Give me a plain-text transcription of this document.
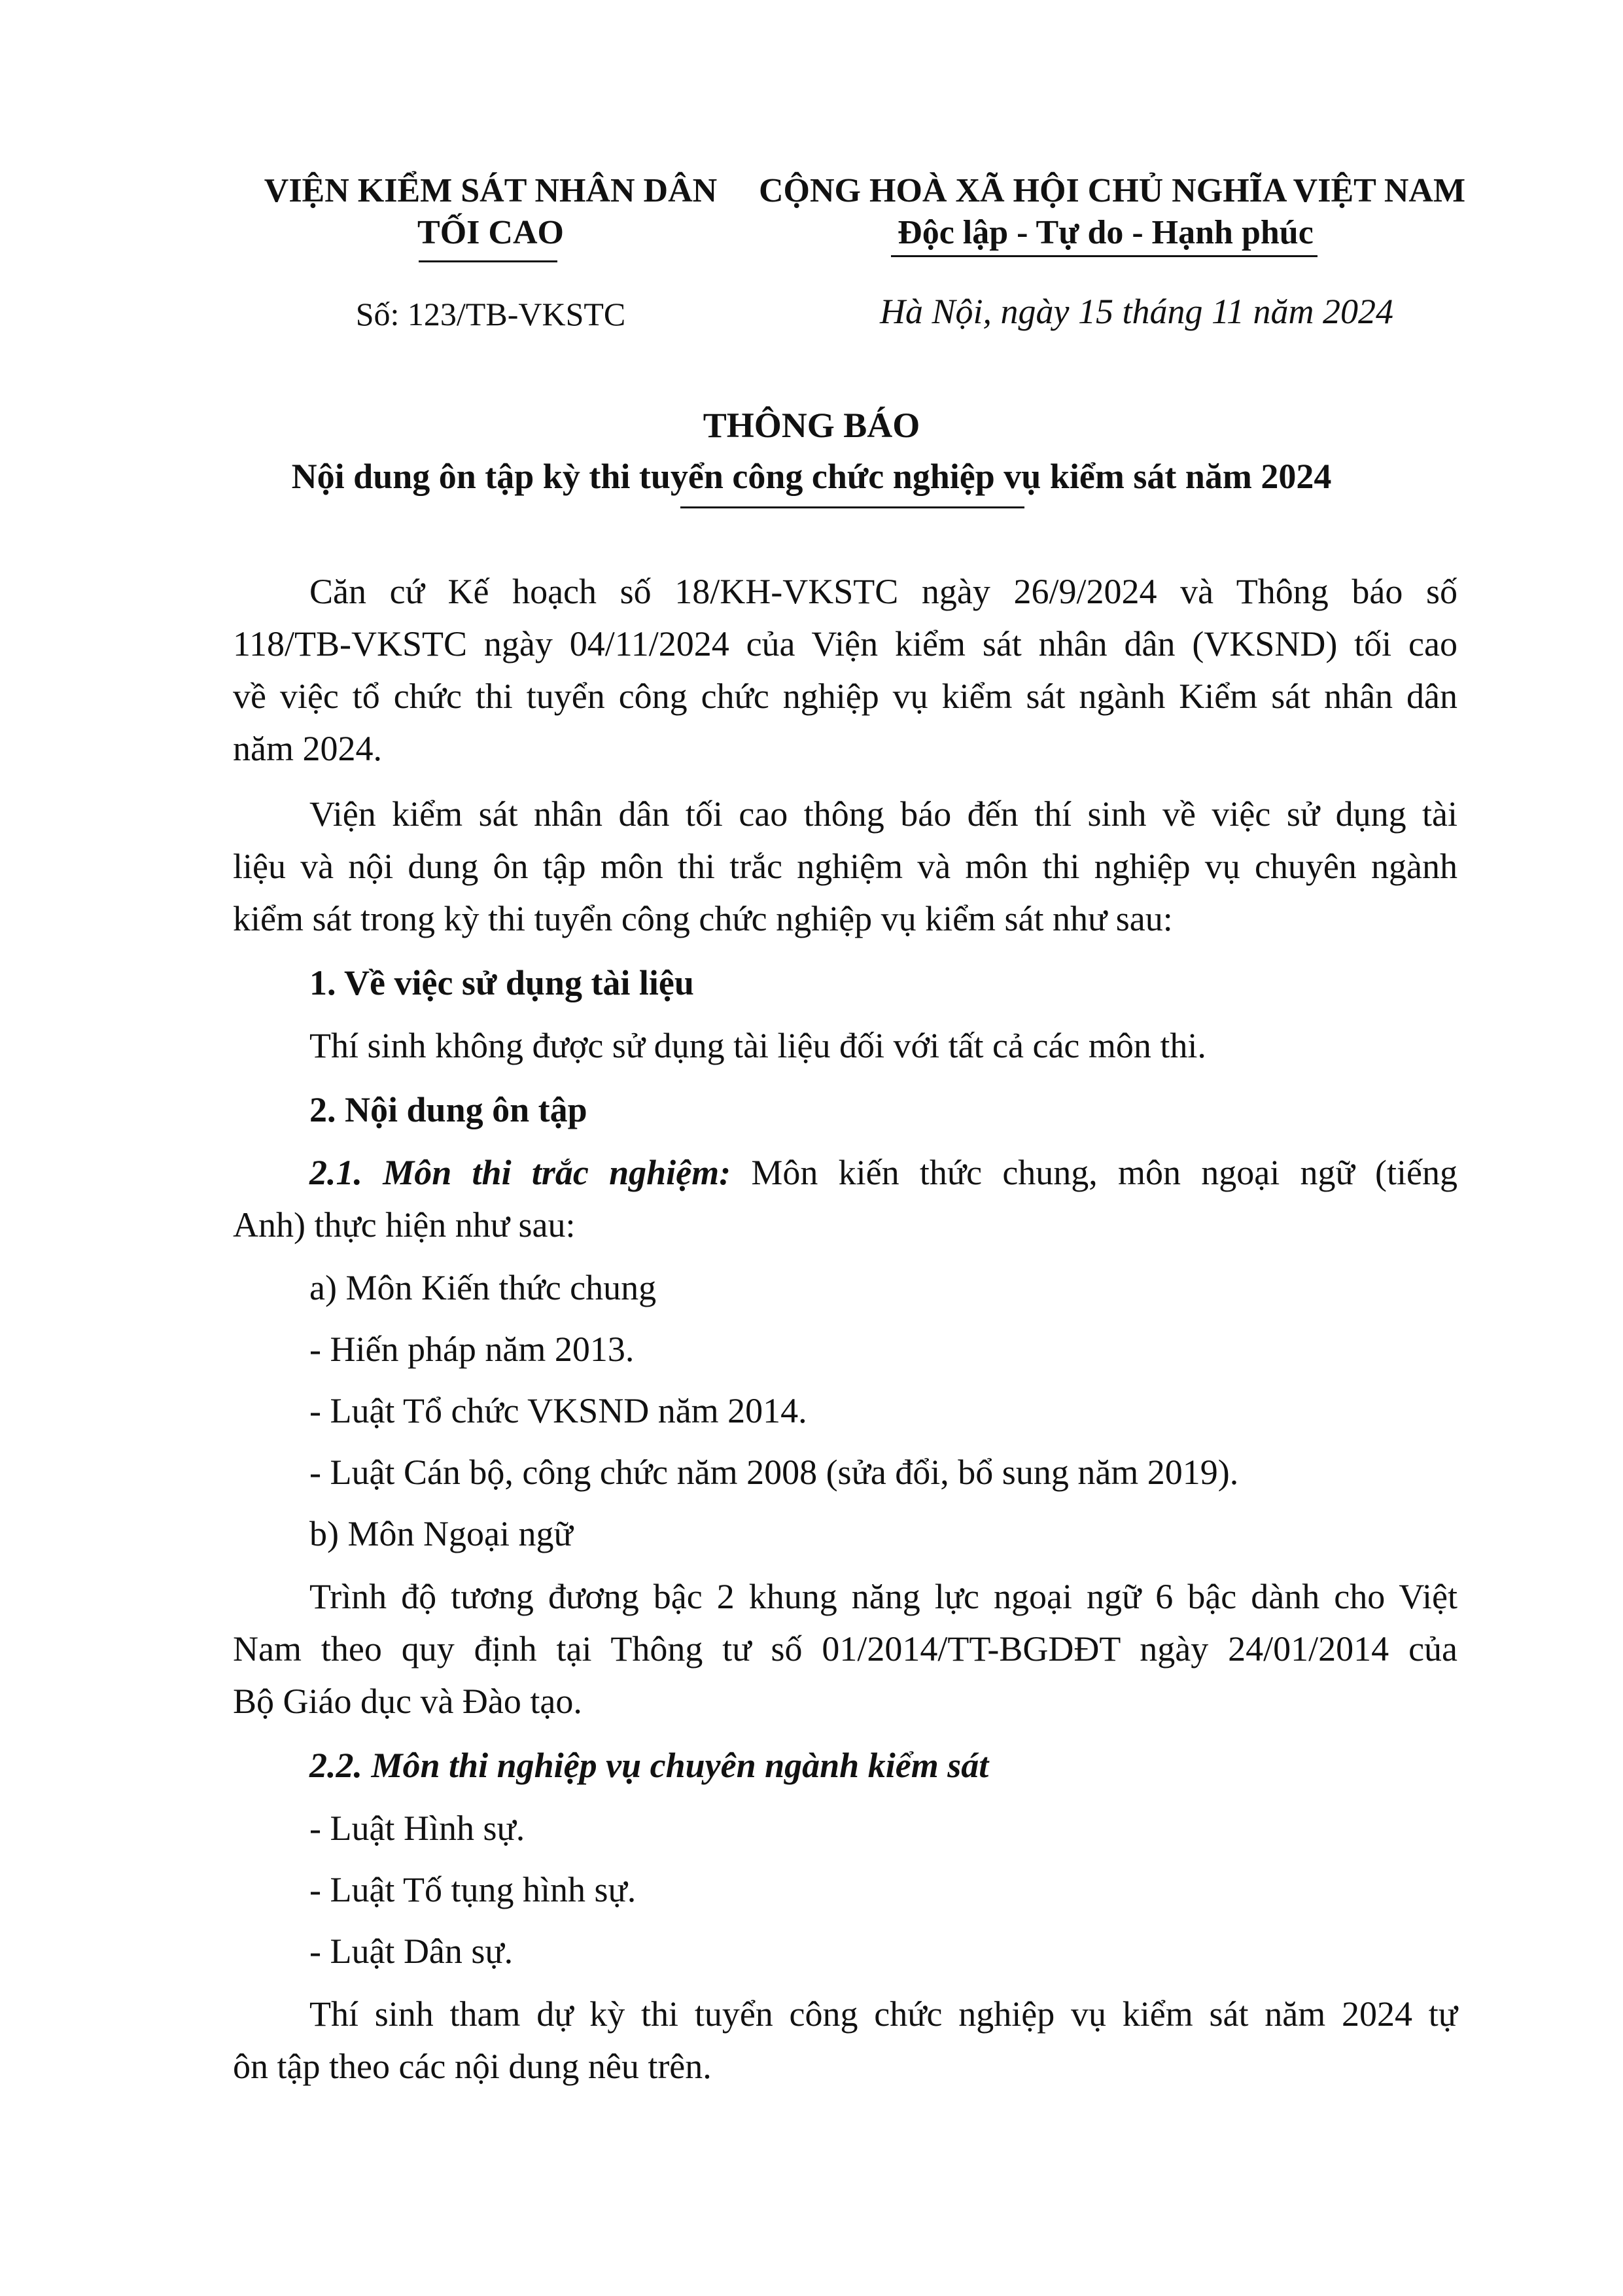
VIỆN KIỂM SÁT NHÂN DÂN
TỐI CAO
CỘNG HOÀ XÃ HỘI CHỦ NGHĨA VIỆT NAM
Độc lập - Tự do - Hạnh phúc
Số: 123/TB-VKSTC	Hà Nội, ngày 15 tháng 11 năm 2024
THÔNG BÁO
Nội dung ôn tập kỳ thi tuyển công chức nghiệp vụ kiểm sát năm 2024
Căn cứ Kế hoạch số 18/KH-VKSTC ngày 26/9/2024 và Thông báo số
118/TB-VKSTC ngày 04/11/2024 của Viện kiểm sát nhân dân (VKSND) tối cao
về việc tổ chức thi tuyển công chức nghiệp vụ kiểm sát ngành Kiểm sát nhân dân
năm 2024.
Viện kiểm sát nhân dân tối cao thông báo đến thí sinh về việc sử dụng tài
liệu và nội dung ôn tập môn thi trắc nghiệm và môn thi nghiệp vụ chuyên ngành
kiểm sát trong kỳ thi tuyển công chức nghiệp vụ kiểm sát như sau:
1. Về việc sử dụng tài liệu
Thí sinh không được sử dụng tài liệu đối với tất cả các môn thi.
2. Nội dung ôn tập
2.1. Môn thi trắc nghiệm: Môn kiến thức chung, môn ngoại ngữ (tiếng
Anh) thực hiện như sau:
a) Môn Kiến thức chung
- Hiến pháp năm 2013.
- Luật Tổ chức VKSND năm 2014.
- Luật Cán bộ, công chức năm 2008 (sửa đổi, bổ sung năm 2019).
b) Môn Ngoại ngữ
Trình độ tương đương bậc 2 khung năng lực ngoại ngữ 6 bậc dành cho Việt
Nam theo quy định tại Thông tư số 01/2014/TT-BGDĐT ngày 24/01/2014 của
Bộ Giáo dục và Đào tạo.
2.2. Môn thi nghiệp vụ chuyên ngành kiểm sát
- Luật Hình sự.
- Luật Tố tụng hình sự.
- Luật Dân sự.
Thí sinh tham dự kỳ thi tuyển công chức nghiệp vụ kiểm sát năm 2024 tự
ôn tập theo các nội dung nêu trên.
